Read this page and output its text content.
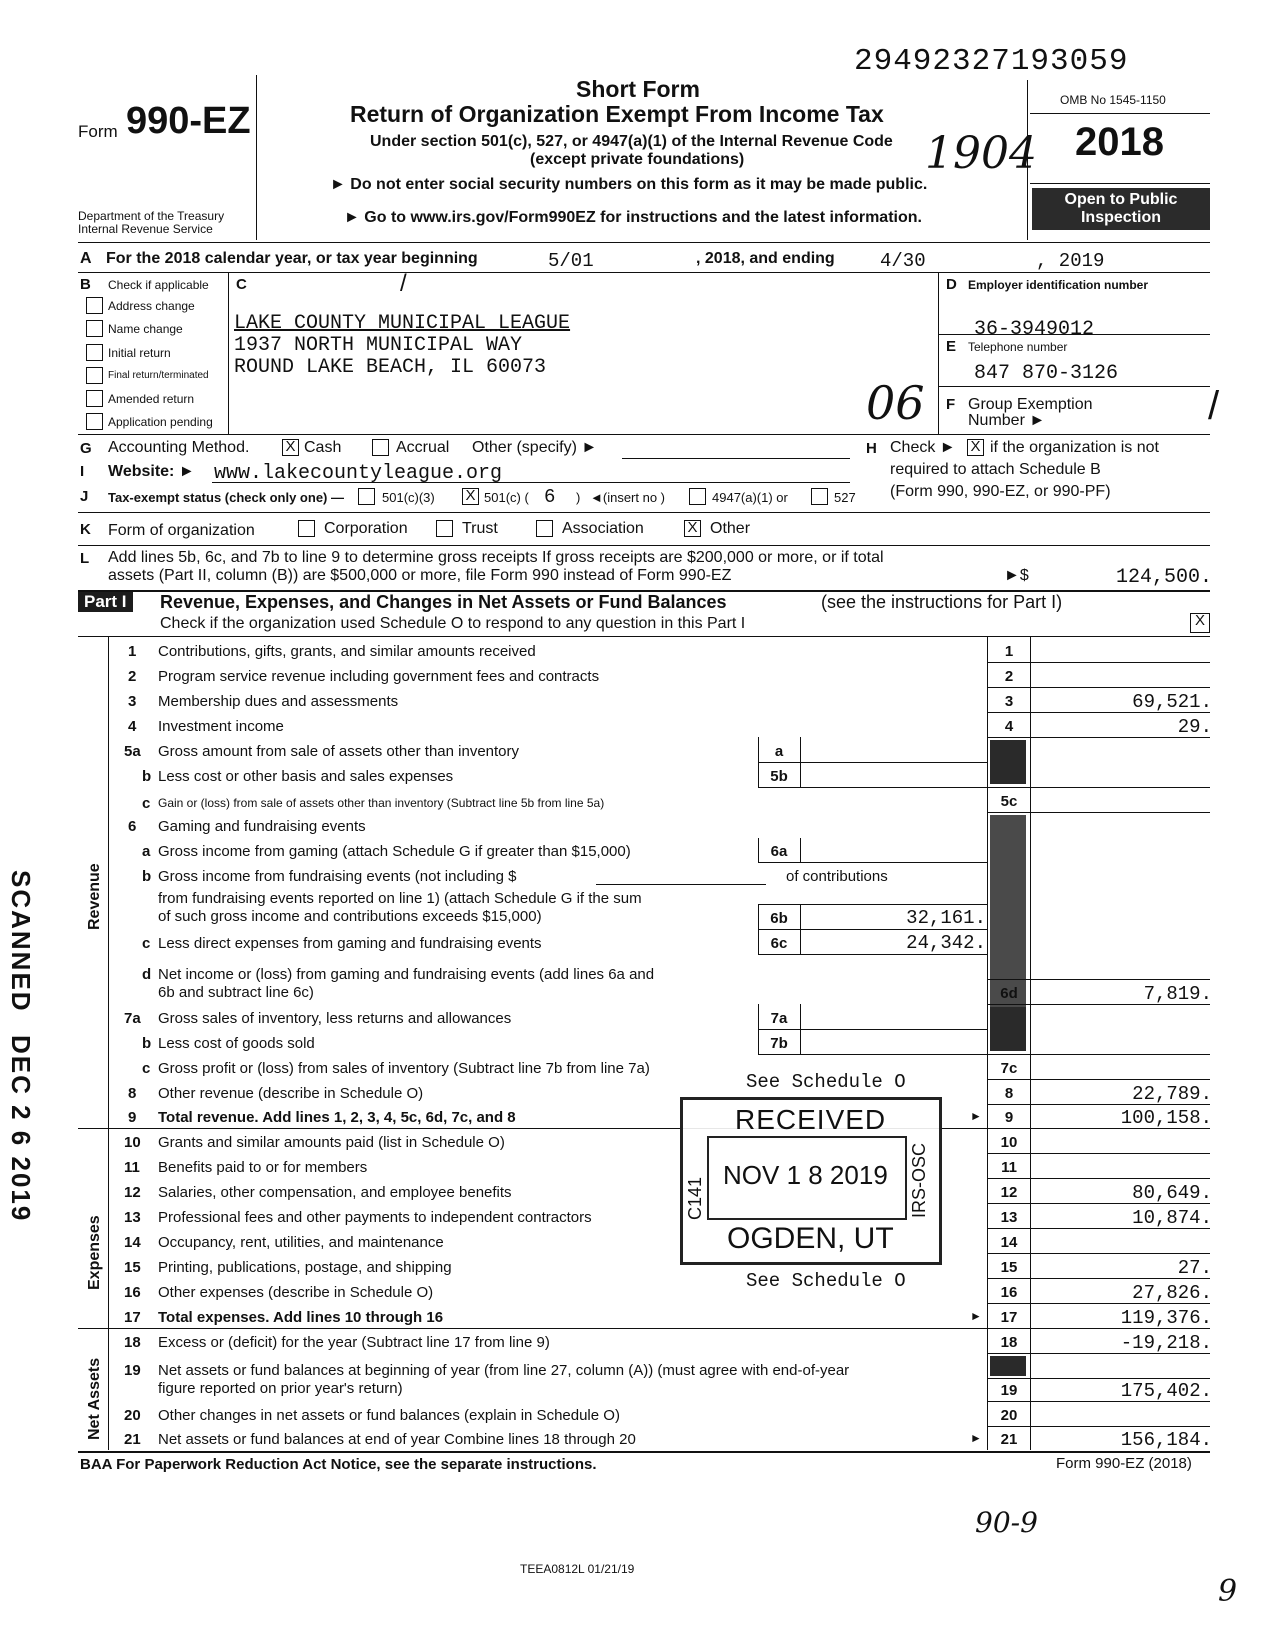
29492327193059
Form 990-EZ
Department of the Treasury
Internal Revenue Service
Short Form
Return of Organization Exempt From Income Tax
Under section 501(c), 527, or 4947(a)(1) of the Internal Revenue Code
(except private foundations)
► Do not enter social security numbers on this form as it may be made public.
► Go to www.irs.gov/Form990EZ for instructions and the latest information.
1904
OMB No 1545-1150
2018
Open to Public Inspection
A For the 2018 calendar year, or tax year beginning	5/01	, 2018, and ending 4/30	, 2019
B Check if applicable
Address change
Name change
Initial return
Final return/terminated
Amended return
Application pending
C	/
LAKE COUNTY MUNICIPAL LEAGUE
1937 NORTH MUNICIPAL WAY
ROUND LAKE BEACH, IL 60073
06
D Employer identification number
36-3949012
E Telephone number
847 870-3126
F Group Exemption
Number ►	/
G Accounting Method. X Cash	Accrual Other (specify) ►	H Check ► X if the organization is not
required to attach Schedule B
(Form 990, 990-EZ, or 990-PF)
I Website: ► www.lakecountyleague.org
J Tax-exempt status (check only one) —	501(c)(3) X 501(c) ( 6 ) ◄(insert no )	4947(a)(1) or	527
K Form of organization	Corporation	Trust	Association	X Other
L Add lines 5b, 6c, and 7b to line 9 to determine gross receipts If gross receipts are $200,000 or more, or if total
assets (Part II, column (B)) are $500,000 or more, file Form 990 instead of Form 990-EZ	►$	124,500.
Part I	Revenue, Expenses, and Changes in Net Assets or Fund Balances	(see the instructions for Part I)
Check if the organization used Schedule O to respond to any question in this Part I	X
Revenue
Expenses
Net Assets
1 Contributions, gifts, grants, and similar amounts received	1
2 Program service revenue including government fees and contracts	2
3 Membership dues and assessments	3	69,521.
4 Investment income	4	29.
5a Gross amount from sale of assets other than inventory	a
b Less cost or other basis and sales expenses	5b
c Gain or (loss) from sale of assets other than inventory (Subtract line 5b from line 5a)	5c
6 Gaming and fundraising events
a Gross income from gaming (attach Schedule G if greater than $15,000)	6a
b Gross income from fundraising events (not including $	of contributions
from fundraising events reported on line 1) (attach Schedule G if the sum
of such gross income and contributions exceeds $15,000)	6b	32,161.
c Less direct expenses from gaming and fundraising events	6c	24,342.
d Net income or (loss) from gaming and fundraising events (add lines 6a and
6b and subtract line 6c)	6d	7,819.
7a Gross sales of inventory, less returns and allowances	7a
b Less cost of goods sold	7b
c Gross profit or (loss) from sales of inventory (Subtract line 7b from line 7a)	7c
8 Other revenue (describe in Schedule O)
See Schedule O
8	22,789.
9 Total revenue. Add lines 1, 2, 3, 4, 5c, 6d, 7c, and 8	►	9	100,158.
10 Grants and similar amounts paid (list in Schedule O)	10
11 Benefits paid to or for members	11
12 Salaries, other compensation, and employee benefits	12	80,649.
13 Professional fees and other payments to independent contractors	13	10,874.
14 Occupancy, rent, utilities, and maintenance	14
15 Printing, publications, postage, and shipping	15	27.
16 Other expenses (describe in Schedule O)
See Schedule O
16	27,826.
17 Total expenses. Add lines 10 through 16	►	17	119,376.
18 Excess or (deficit) for the year (Subtract line 17 from line 9)	18	-19,218.
19 Net assets or fund balances at beginning of year (from line 27, column (A)) (must agree with end-of-year
figure reported on prior year's return)	19	175,402.
20 Other changes in net assets or fund balances (explain in Schedule O)	20
21 Net assets or fund balances at end of year Combine lines 18 through 20	►	21	156,184.
RECEIVED
NOV 1 8 2019
OGDEN, UT
C141	IRS-OSC
SCANNED
DEC 2 6 2019
BAA For Paperwork Reduction Act Notice, see the separate instructions.	Form 990-EZ (2018)
90-9
TEEA0812L 01/21/19
9
